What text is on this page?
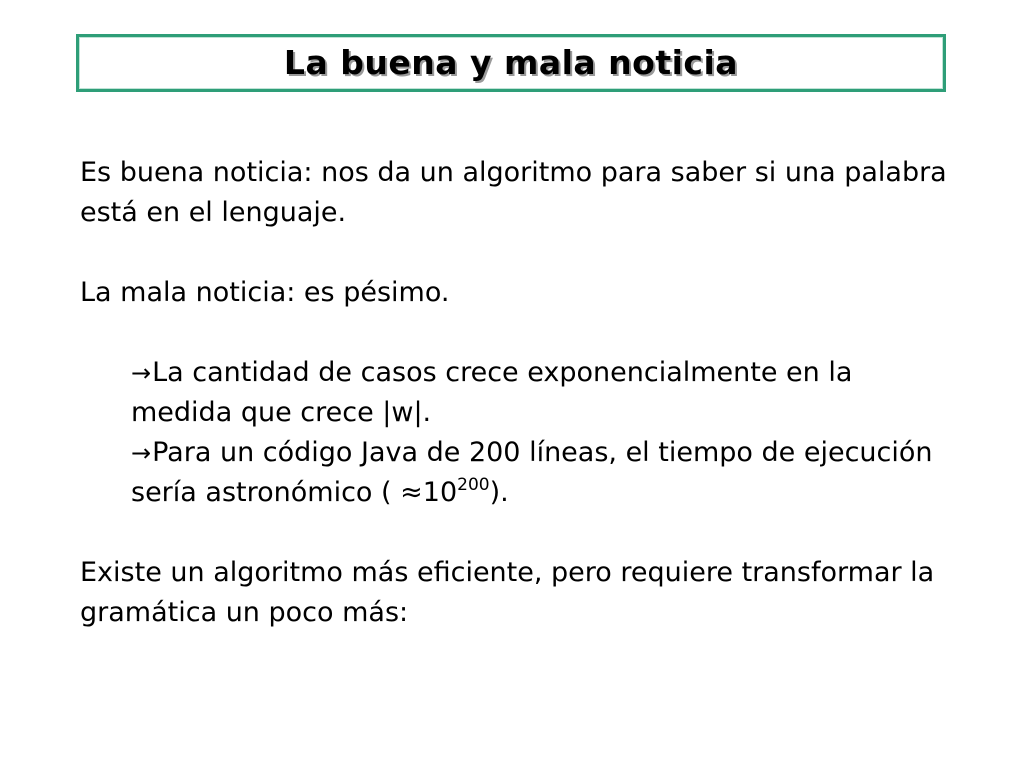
La buena y mala noticia

Es buena noticia: nos da un algoritmo para saber si una palabra está en el lenguaje.

La mala noticia: es pésimo.

→La cantidad de casos crece exponencialmente en la medida que crece |w|.

→Para un código Java de 200 líneas, el tiempo de ejecución sería astronómico ( $\approx 10^{200}$).

Existe un algoritmo más eficiente, pero requiere transformar la gramática un poco más:
